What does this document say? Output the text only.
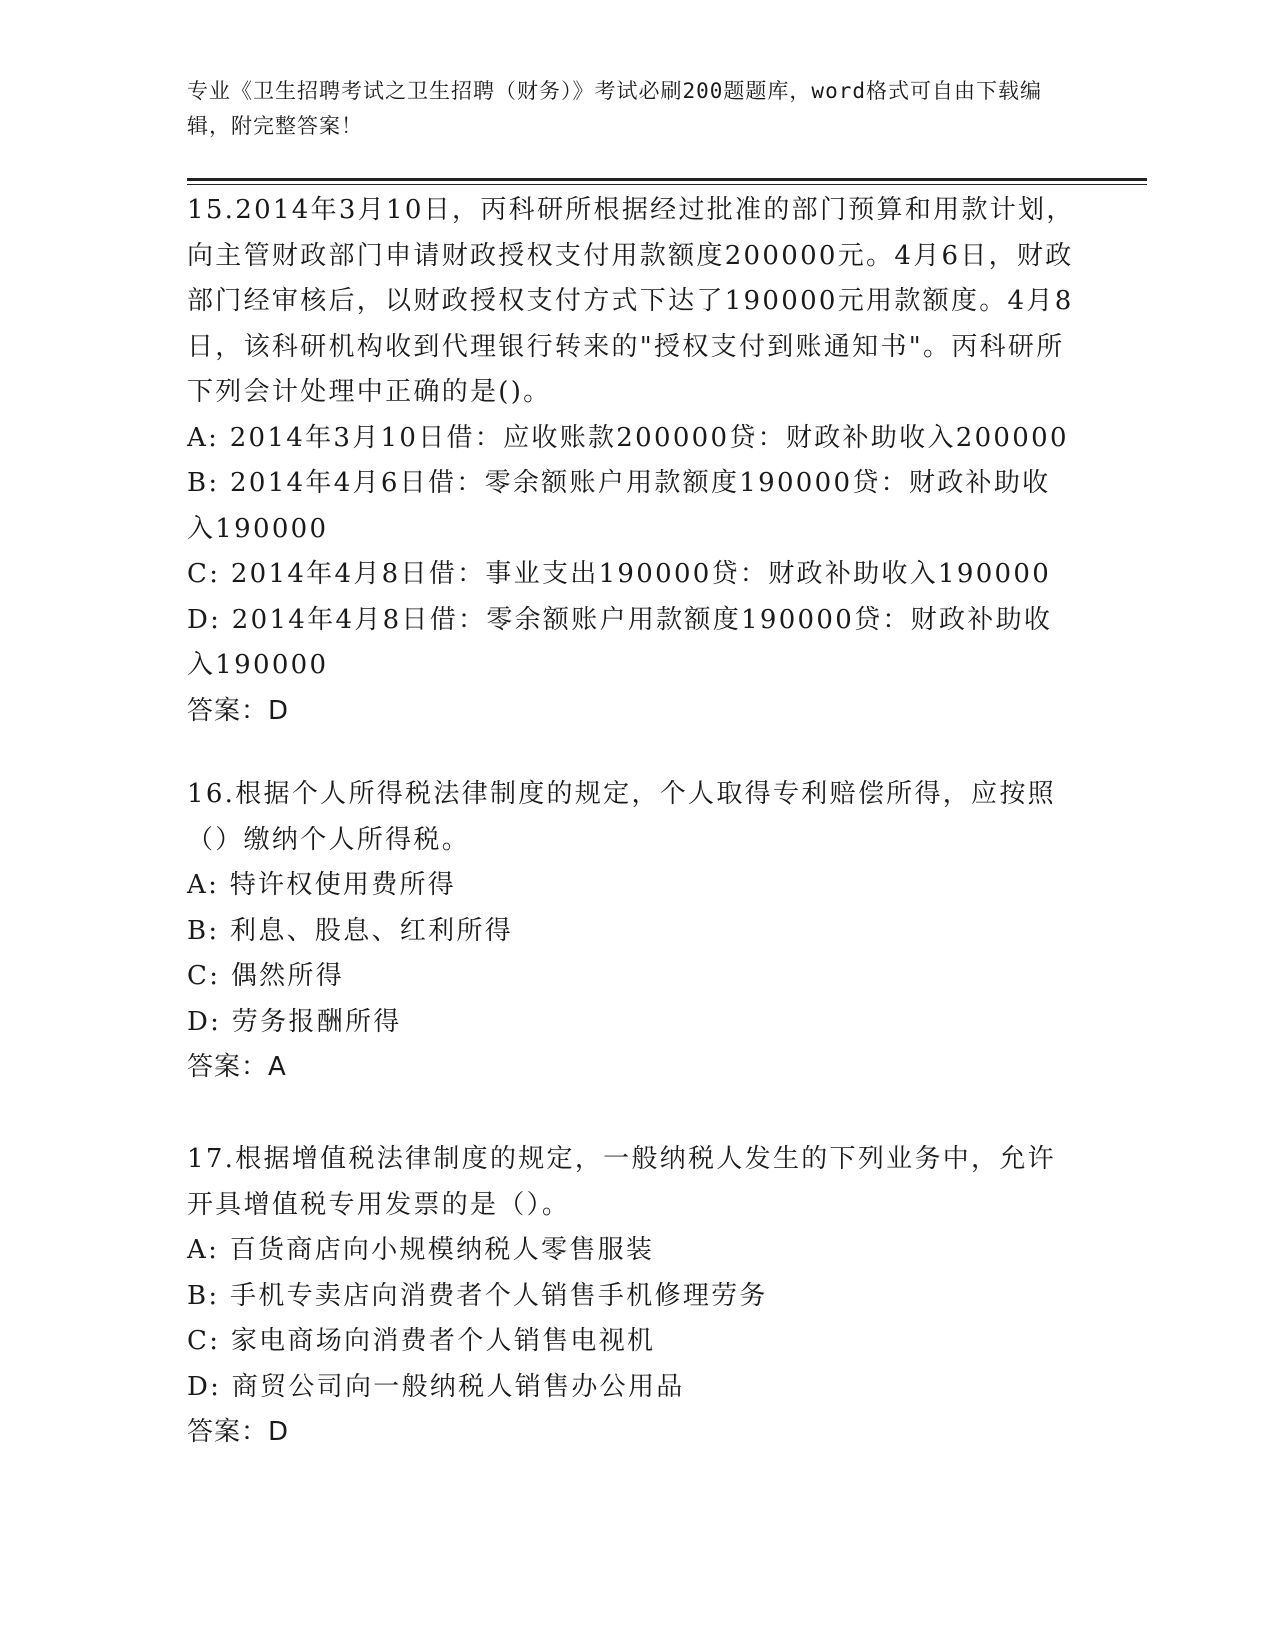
专业《卫生招聘考试之卫生招聘（财务）》考试必刷200题题库，word格式可自由下载编辑，附完整答案！

15.2014年3月10日，丙科研所根据经过批准的部门预算和用款计划，向主管财政部门申请财政授权支付用款额度200000元。4月6日，财政部门经审核后，以财政授权支付方式下达了190000元用款额度。4月8日，该科研机构收到代理银行转来的"授权支付到账通知书"。丙科研所下列会计处理中正确的是()。

A: 2014年3月10日借：应收账款200000贷：财政补助收入200000

B: 2014年4月6日借：零余额账户用款额度190000贷：财政补助收入190000

C: 2014年4月8日借：事业支出190000贷：财政补助收入190000

D: 2014年4月8日借：零余额账户用款额度190000贷：财政补助收入190000

答案：D

16.根据个人所得税法律制度的规定，个人取得专利赔偿所得，应按照（）缴纳个人所得税。

A: 特许权使用费所得

B: 利息、股息、红利所得

C: 偶然所得

D: 劳务报酬所得

答案：A

17.根据增值税法律制度的规定，一般纳税人发生的下列业务中，允许开具增值税专用发票的是（）。

A: 百货商店向小规模纳税人零售服装

B: 手机专卖店向消费者个人销售手机修理劳务

C: 家电商场向消费者个人销售电视机

D: 商贸公司向一般纳税人销售办公用品

答案：D
